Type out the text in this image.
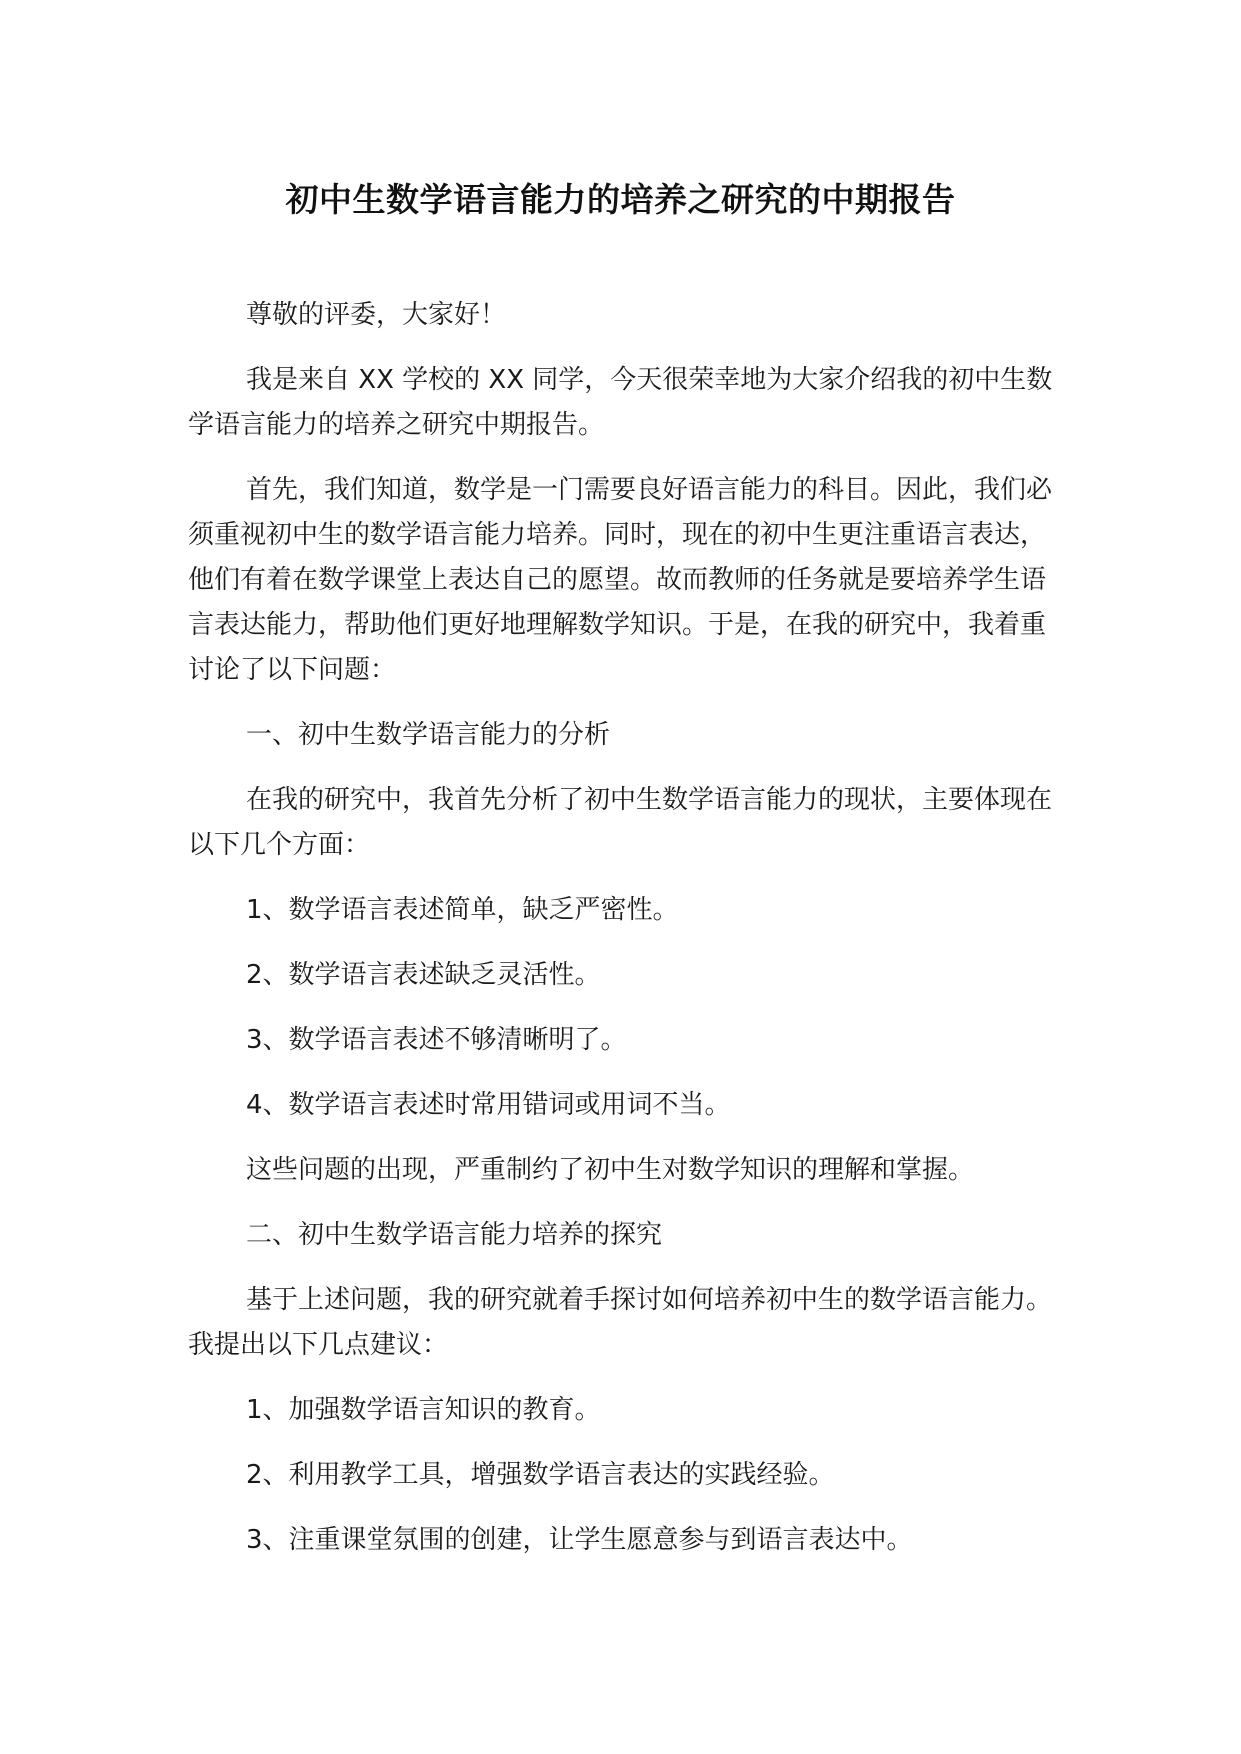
初中生数学语言能力的培养之研究的中期报告

尊敬的评委，大家好！

我是来自 XX 学校的 XX 同学，今天很荣幸地为大家介绍我的初中生数学语言能力的培养之研究中期报告。

首先，我们知道，数学是一门需要良好语言能力的科目。因此，我们必须重视初中生的数学语言能力培养。同时，现在的初中生更注重语言表达，他们有着在数学课堂上表达自己的愿望。故而教师的任务就是要培养学生语言表达能力，帮助他们更好地理解数学知识。于是，在我的研究中，我着重讨论了以下问题：

一、初中生数学语言能力的分析

在我的研究中，我首先分析了初中生数学语言能力的现状，主要体现在以下几个方面：

1、数学语言表述简单，缺乏严密性。

2、数学语言表述缺乏灵活性。

3、数学语言表述不够清晰明了。

4、数学语言表述时常用错词或用词不当。

这些问题的出现，严重制约了初中生对数学知识的理解和掌握。

二、初中生数学语言能力培养的探究

基于上述问题，我的研究就着手探讨如何培养初中生的数学语言能力。我提出以下几点建议：

1、加强数学语言知识的教育。

2、利用教学工具，增强数学语言表达的实践经验。

3、注重课堂氛围的创建，让学生愿意参与到语言表达中。
